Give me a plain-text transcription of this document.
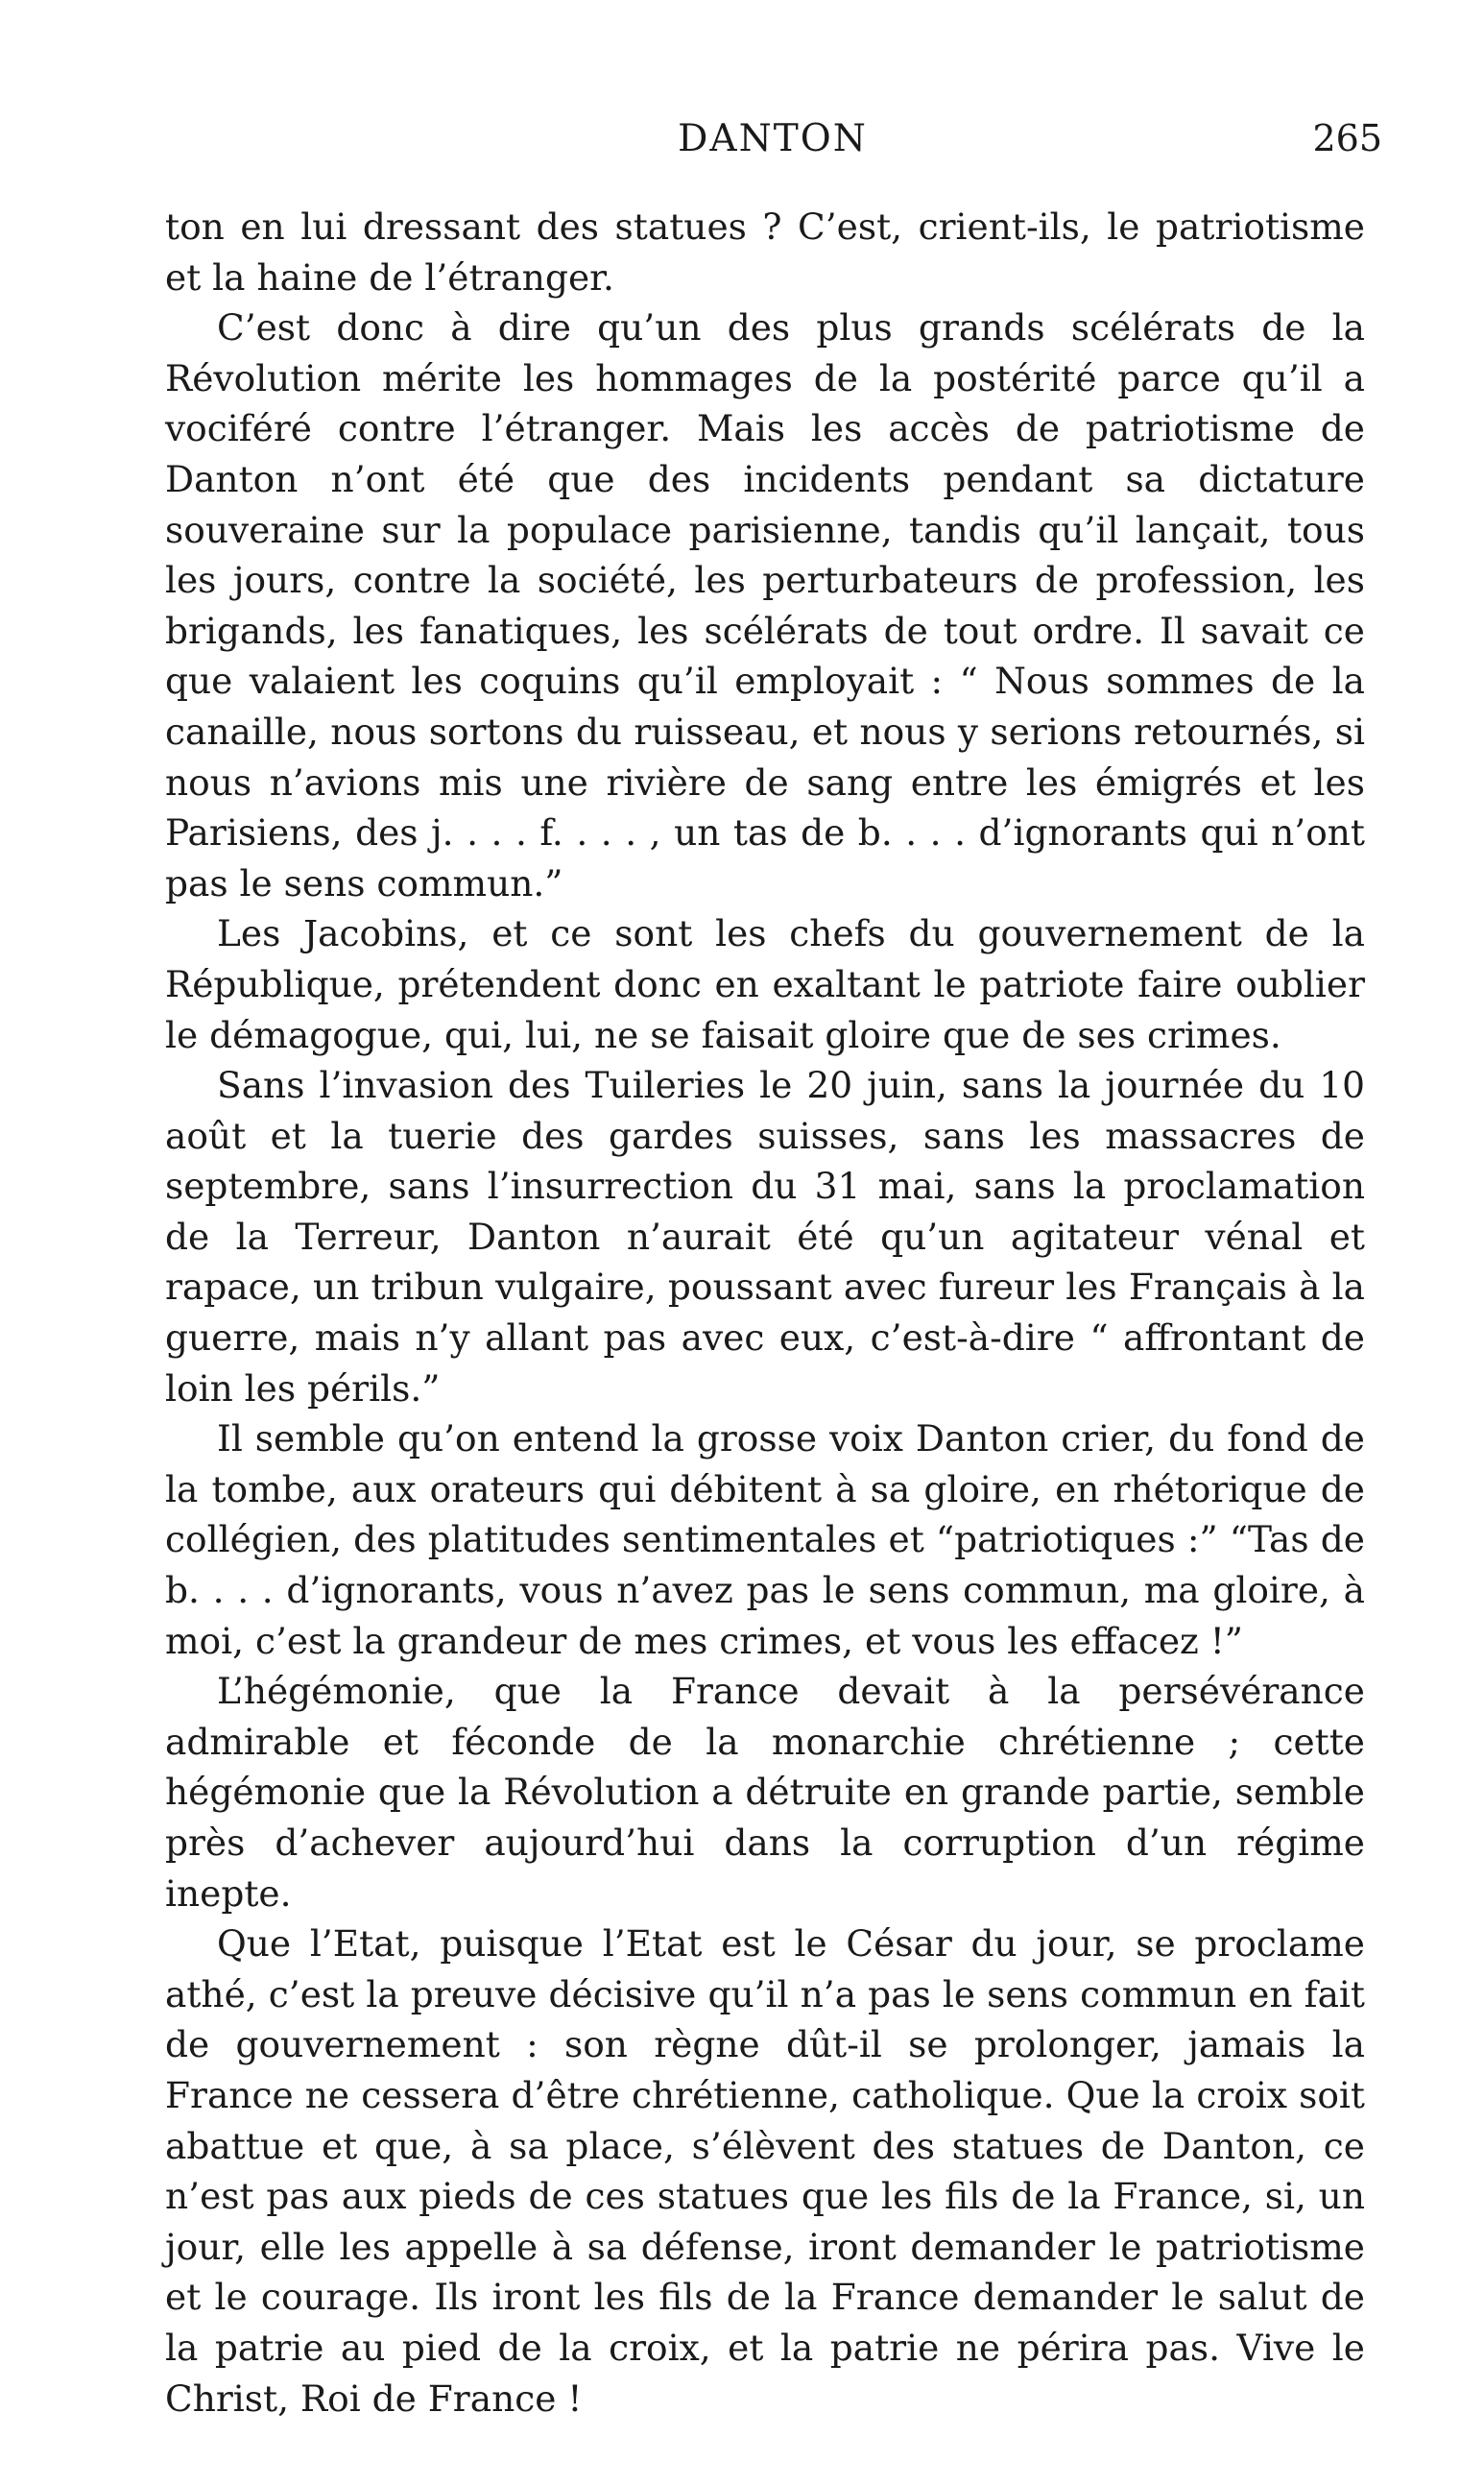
DANTON	265

ton en lui dressant des statues ? C’est, crient-ils, le patriotisme et la haine de l’étranger.

C’est donc à dire qu’un des plus grands scélérats de la Révolution mérite les hommages de la postérité parce qu’il a vociféré contre l’étranger. Mais les accès de patriotisme de Danton n’ont été que des incidents pendant sa dictature souveraine sur la populace parisienne, tandis qu’il lançait, tous les jours, contre la société, les perturbateurs de profession, les brigands, les fanatiques, les scélérats de tout ordre. Il savait ce que valaient les coquins qu’il employait : “ Nous sommes de la canaille, nous sortons du ruisseau, et nous y serions retournés, si nous n’avions mis une rivière de sang entre les émigrés et les Parisiens, des j. . . . f. . . . , un tas de b. . . . d’ignorants qui n’ont pas le sens commun.”

Les Jacobins, et ce sont les chefs du gouvernement de la République, prétendent donc en exaltant le patriote faire oublier le démagogue, qui, lui, ne se faisait gloire que de ses crimes.

Sans l’invasion des Tuileries le 20 juin, sans la journée du 10 août et la tuerie des gardes suisses, sans les massacres de septembre, sans l’insurrection du 31 mai, sans la proclamation de la Terreur, Danton n’aurait été qu’un agitateur vénal et rapace, un tribun vulgaire, poussant avec fureur les Français à la guerre, mais n’y allant pas avec eux, c’est-à-dire “ affrontant de loin les périls.”

Il semble qu’on entend la grosse voix Danton crier, du fond de la tombe, aux orateurs qui débitent à sa gloire, en rhétorique de collégien, des platitudes sentimentales et “patriotiques :” “Tas de b. . . . d’ignorants, vous n’avez pas le sens commun, ma gloire, à moi, c’est la grandeur de mes crimes, et vous les effacez !”

L’hégémonie, que la France devait à la persévérance admirable et féconde de la monarchie chrétienne ; cette hégémonie que la Révolution a détruite en grande partie, semble près d’achever aujourd’hui dans la corruption d’un régime inepte.

Que l’Etat, puisque l’Etat est le César du jour, se proclame athé, c’est la preuve décisive qu’il n’a pas le sens commun en fait de gouvernement : son règne dût-il se prolonger, jamais la France ne cessera d’être chrétienne, catholique. Que la croix soit abattue et que, à sa place, s’élèvent des statues de Danton, ce n’est pas aux pieds de ces statues que les fils de la France, si, un jour, elle les appelle à sa défense, iront demander le patriotisme et le courage. Ils iront les fils de la France demander le salut de la patrie au pied de la croix, et la patrie ne périra pas. Vive le Christ, Roi de France !
